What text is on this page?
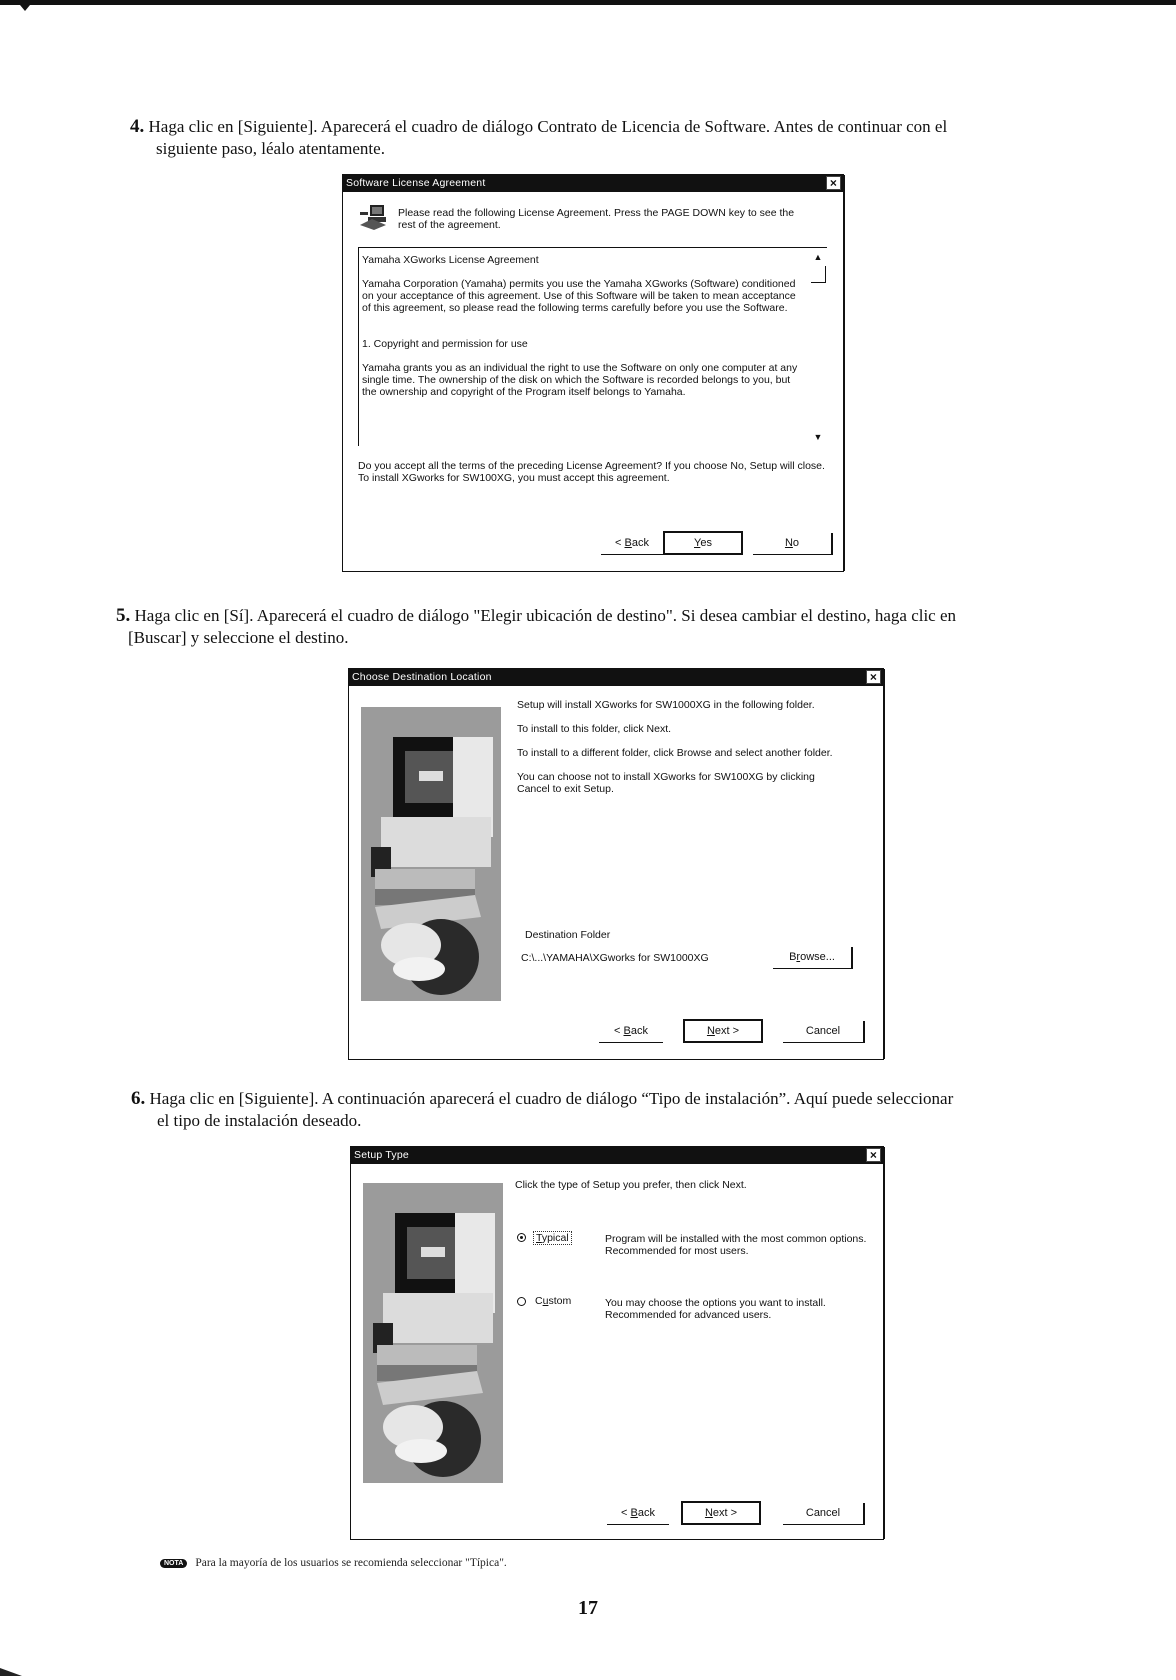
4. Haga clic en [Siguiente]. Aparecerá el cuadro de diálogo Contrato de Licencia de Software. Antes de continuar con el
siguiente paso, léalo atentamente.
Software License Agreement	×
Please read the following License Agreement. Press the PAGE DOWN key to see the rest of the agreement.

Yamaha XGworks License Agreement

Yamaha Corporation (Yamaha) permits you use the Yamaha XGworks (Software) conditioned on your acceptance of this agreement. Use of this Software will be taken to mean acceptance of this agreement, so please read the following terms carefully before you use the Software.

1. Copyright and permission for use

Yamaha grants you as an individual the right to use the Software on only one computer at any single time. The ownership of the disk on which the Software is recorded belongs to you, but the ownership and copyright of the Program itself belongs to Yamaha.

▲
▼
Do you accept all the terms of the preceding License Agreement? If you choose No, Setup will close. To install XGworks for SW100XG, you must accept this agreement.
< Back	Yes	No
5. Haga clic en [Sí]. Aparecerá el cuadro de diálogo "Elegir ubicación de destino". Si desea cambiar el destino, haga clic en
[Buscar] y seleccione el destino.
Choose Destination Location	×

Setup will install XGworks for SW1000XG in the following folder.

To install to this folder, click Next.

To install to a different folder, click Browse and select another folder.

You can choose not to install XGworks for SW100XG by clicking Cancel to exit Setup.

Destination Folder
C:\...\YAMAHA\XGworks for SW1000XG	Browse...
< Back	Next >	Cancel
6. Haga clic en [Siguiente]. A continuación aparecerá el cuadro de diálogo “Tipo de instalación”. Aquí puede seleccionar
el tipo de instalación deseado.
Setup Type	×
Click the type of Setup you prefer, then click Next.
Typical	Program will be installed with the most common options. Recommended for most users.
Custom	You may choose the options you want to install. Recommended for advanced users.
< Back	Next >	Cancel
NOTA Para la mayoría de los usuarios se recomienda seleccionar "Típica".
17
